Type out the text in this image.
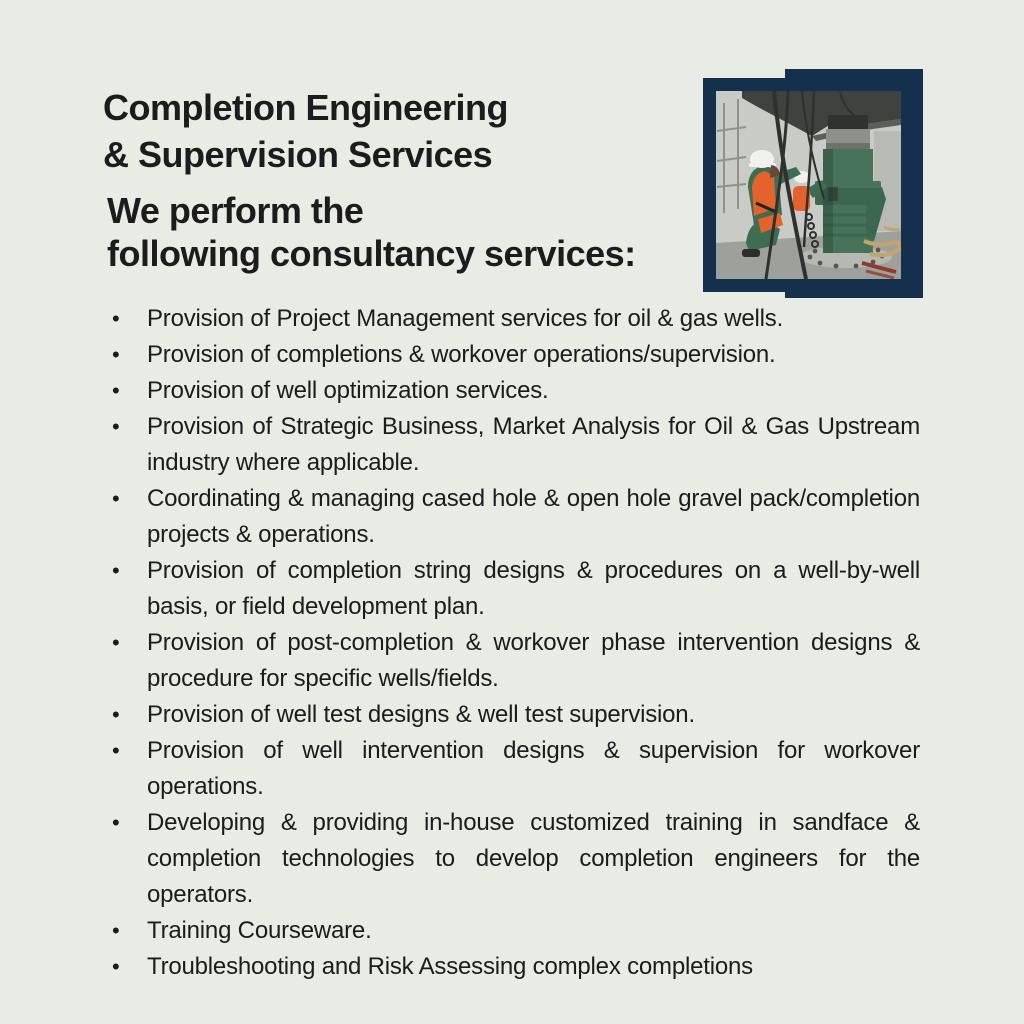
Completion Engineering
& Supervision Services
We perform the
following consultancy services:
• Provision of Project Management services for oil & gas wells.
• Provision of completions & workover operations/supervision.
• Provision of well optimization services.
• Provision of Strategic Business, Market Analysis for Oil & Gas Upstream industry where applicable.
• Coordinating & managing cased hole & open hole gravel pack/completion projects & operations.
• Provision of completion string designs & procedures on a well-by-well basis, or field development plan.
• Provision of post-completion & workover phase intervention designs & procedure for specific wells/fields.
• Provision of well test designs & well test supervision.
• Provision of well intervention designs & supervision for workover operations.
• Developing & providing in-house customized training in sandface & completion technologies to develop completion engineers for the operators.
• Training Courseware.
• Troubleshooting and Risk Assessing complex completions
